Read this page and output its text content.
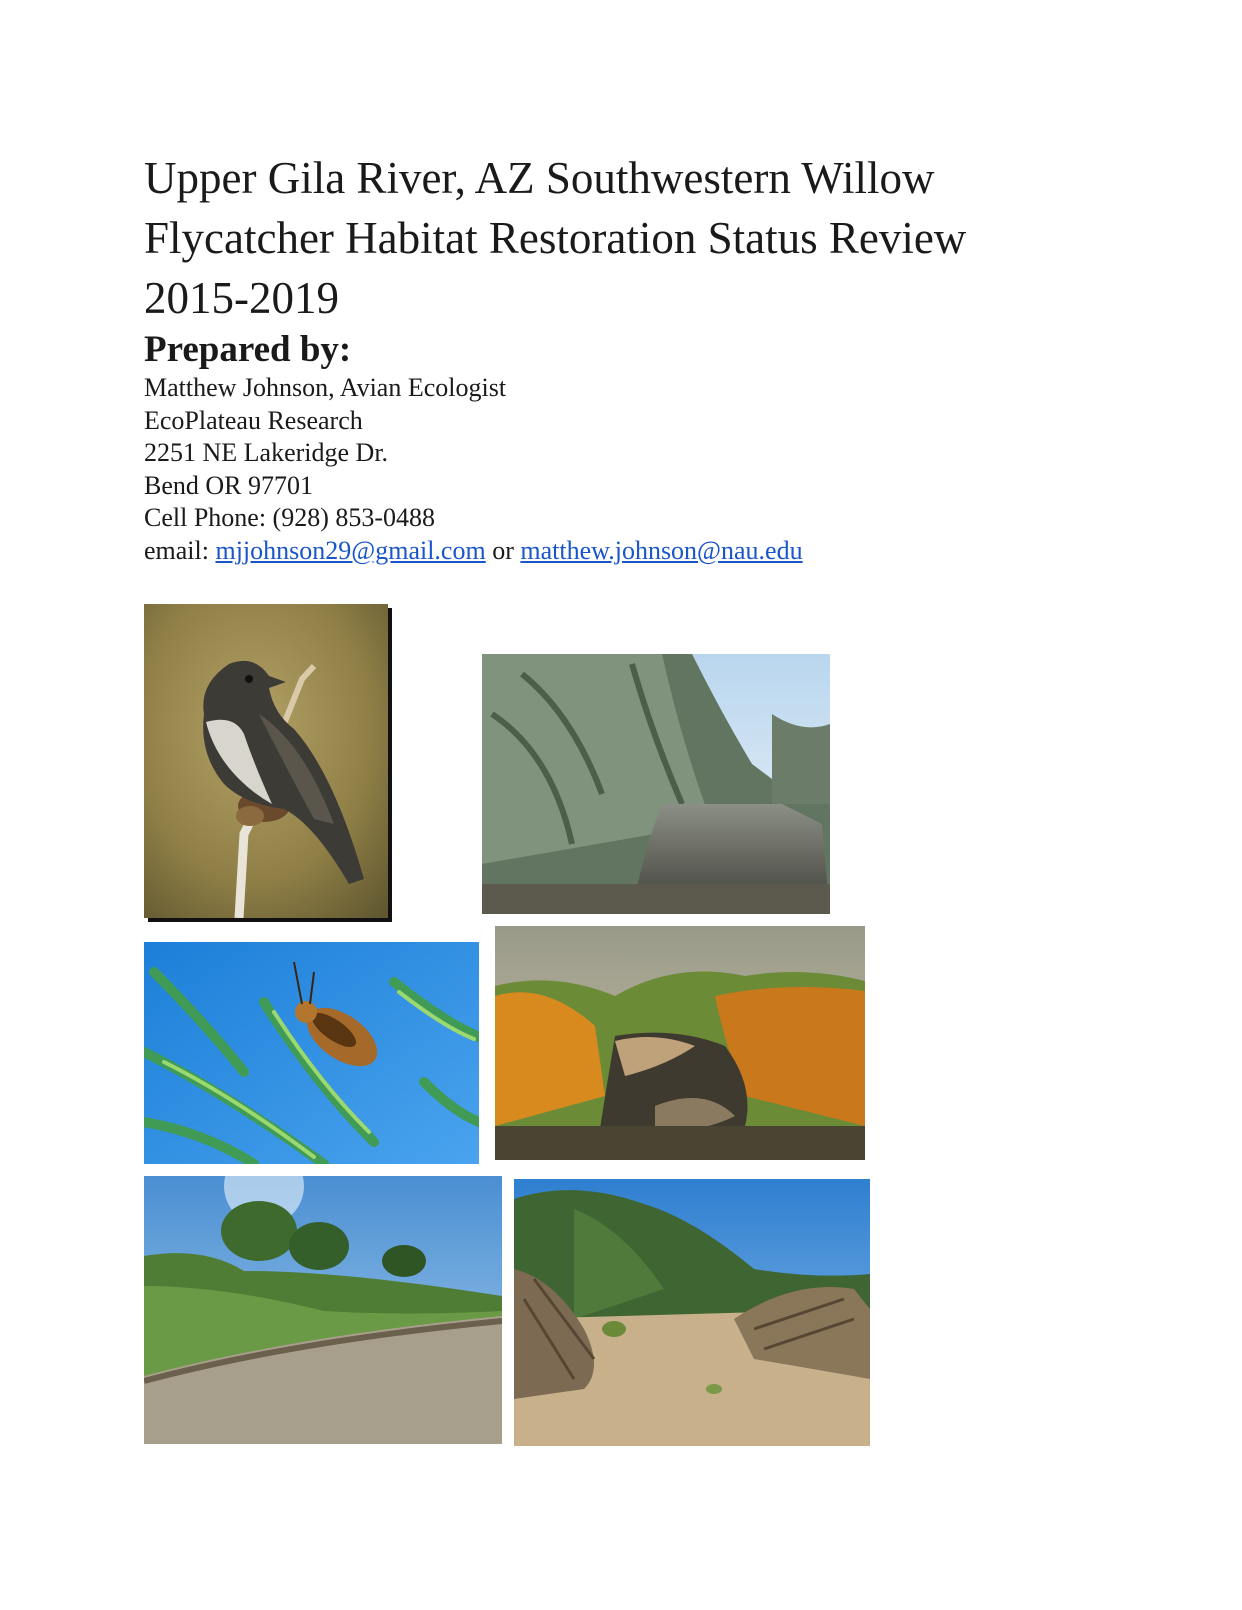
Upper Gila River, AZ Southwestern Willow
Flycatcher Habitat Restoration Status Review
2015-2019
Prepared by:
Matthew Johnson, Avian Ecologist
EcoPlateau Research
2251 NE Lakeridge Dr.
Bend OR 97701
Cell Phone: (928) 853-0488
email: mjjohnson29@gmail.com or matthew.johnson@nau.edu
